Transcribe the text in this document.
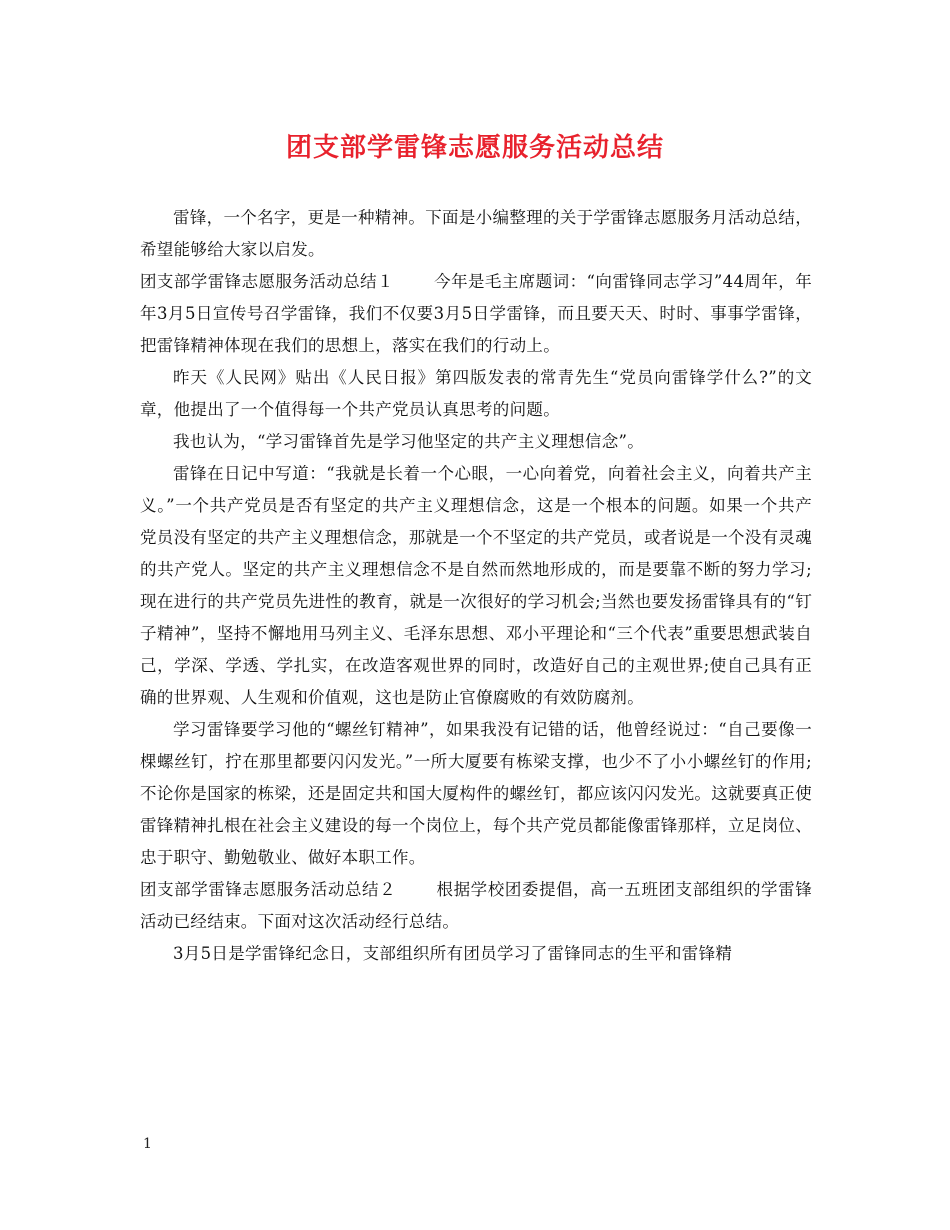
团支部学雷锋志愿服务活动总结

雷锋，一个名字，更是一种精神。下面是小编整理的关于学雷锋志愿服务月活动总结，希望能够给大家以启发。

团支部学雷锋志愿服务活动总结１ 今年是毛主席题词：“向雷锋同志学习”44周年，年年3月5日宣传号召学雷锋，我们不仅要3月5日学雷锋，而且要天天、时时、事事学雷锋，把雷锋精神体现在我们的思想上，落实在我们的行动上。

昨天《人民网》贴出《人民日报》第四版发表的常青先生“党员向雷锋学什么?”的文章，他提出了一个值得每一个共产党员认真思考的问题。

我也认为，“学习雷锋首先是学习他坚定的共产主义理想信念”。

雷锋在日记中写道：“我就是长着一个心眼，一心向着党，向着社会主义，向着共产主义。”一个共产党员是否有坚定的共产主义理想信念，这是一个根本的问题。如果一个共产党员没有坚定的共产主义理想信念，那就是一个不坚定的共产党员，或者说是一个没有灵魂的共产党人。坚定的共产主义理想信念不是自然而然地形成的，而是要靠不断的努力学习;现在进行的共产党员先进性的教育，就是一次很好的学习机会;当然也要发扬雷锋具有的“钉子精神”，坚持不懈地用马列主义、毛泽东思想、邓小平理论和“三个代表”重要思想武装自己，学深、学透、学扎实，在改造客观世界的同时，改造好自己的主观世界;使自己具有正确的世界观、人生观和价值观，这也是防止官僚腐败的有效防腐剂。

学习雷锋要学习他的“螺丝钉精神”，如果我没有记错的话，他曾经说过：“自己要像一棵螺丝钉，拧在那里都要闪闪发光。”一所大厦要有栋梁支撑，也少不了小小螺丝钉的作用;不论你是国家的栋梁，还是固定共和国大厦构件的螺丝钉，都应该闪闪发光。这就要真正使雷锋精神扎根在社会主义建设的每一个岗位上，每个共产党员都能像雷锋那样，立足岗位、忠于职守、勤勉敬业、做好本职工作。

团支部学雷锋志愿服务活动总结２ 根据学校团委提倡，高一五班团支部组织的学雷锋活动已经结束。下面对这次活动经行总结。

3月5日是学雷锋纪念日，支部组织所有团员学习了雷锋同志的生平和雷锋精

1
